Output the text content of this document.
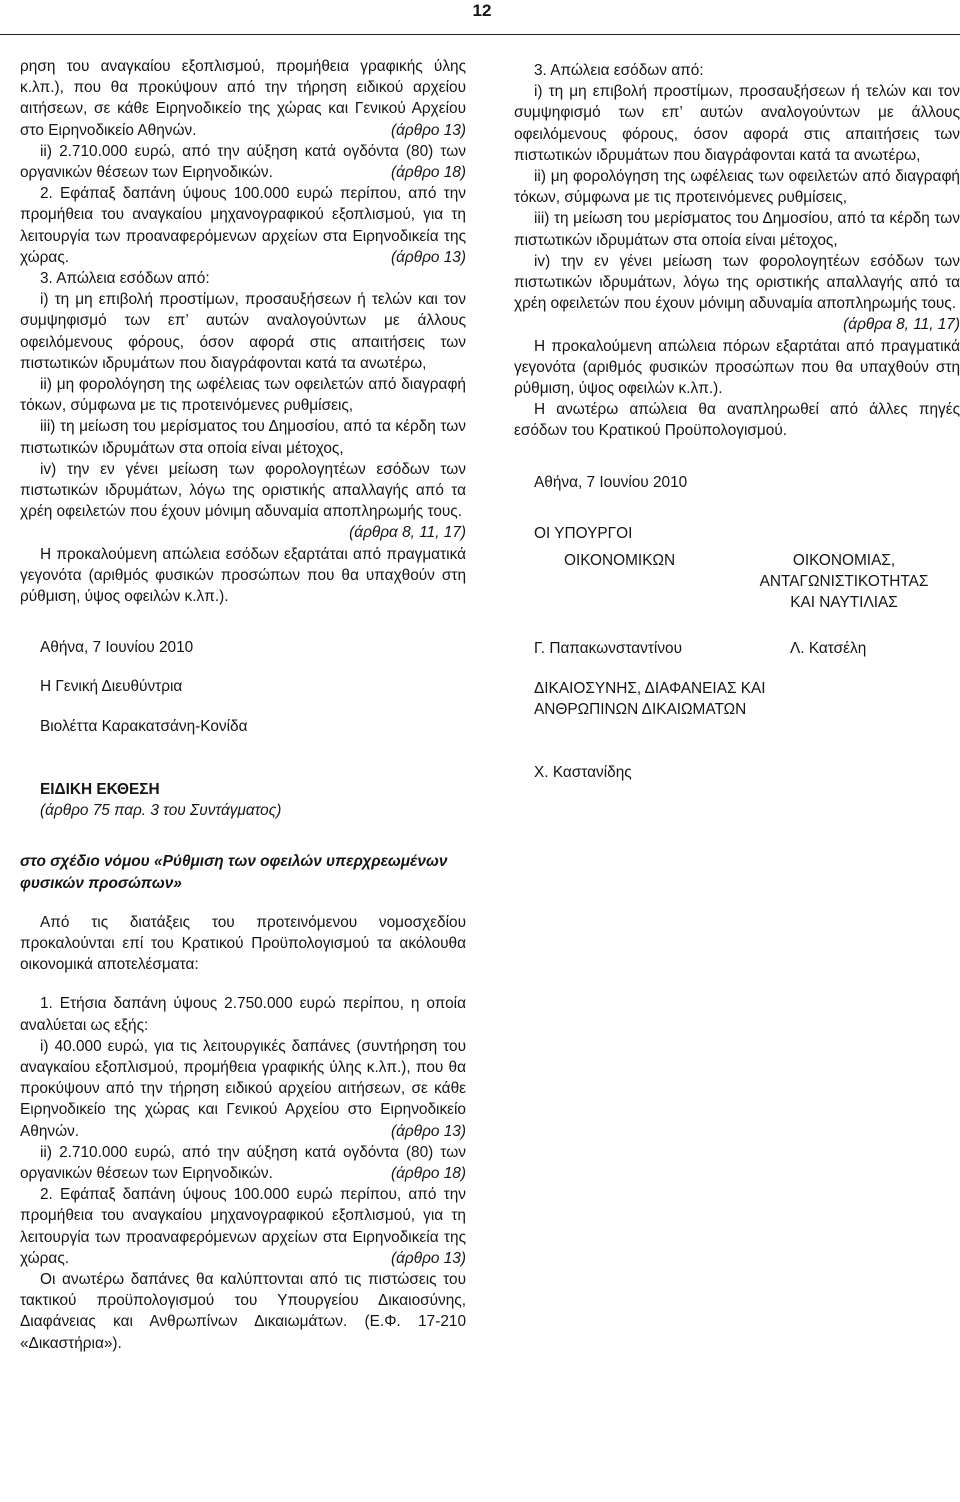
12

ρηση του αναγκαίου εξοπλισμού, προμήθεια γραφικής ύλης κ.λπ.), που θα προκύψουν από την τήρηση ειδικού αρχείου αιτήσεων, σε κάθε Ειρηνοδικείο της χώρας και Γενικού Αρχείου στο Ειρηνοδικείο Αθηνών.	(άρθρο 13)

ii) 2.710.000 ευρώ, από την αύξηση κατά ογδόντα (80) των οργανικών θέσεων των Ειρηνοδικών.	(άρθρο 18)

2. Εφάπαξ δαπάνη ύψους 100.000 ευρώ περίπου, από την προμήθεια του αναγκαίου μηχανογραφικού εξοπλισμού, για τη λειτουργία των προαναφερόμενων αρχείων στα Ειρηνοδικεία της χώρας.	(άρθρο 13)

3. Απώλεια εσόδων από:

i) τη μη επιβολή προστίμων, προσαυξήσεων ή τελών και τον συμψηφισμό των επ’ αυτών αναλογούντων με άλλους οφειλόμενους φόρους, όσον αφορά στις απαιτήσεις των πιστωτικών ιδρυμάτων που διαγράφονται κατά τα ανωτέρω,

ii) μη φορολόγηση της ωφέλειας των οφειλετών από διαγραφή τόκων, σύμφωνα με τις προτεινόμενες ρυθμίσεις,

iii) τη μείωση του μερίσματος του Δημοσίου, από τα κέρδη των πιστωτικών ιδρυμάτων στα οποία είναι μέτοχος,

iv) την εν γένει μείωση των φορολογητέων εσόδων των πιστωτικών ιδρυμάτων, λόγω της οριστικής απαλλαγής από τα χρέη οφειλετών που έχουν μόνιμη αδυναμία αποπληρωμής τους.
(άρθρα 8, 11, 17)

Η προκαλούμενη απώλεια εσόδων εξαρτάται από πραγματικά γεγονότα (αριθμός φυσικών προσώπων που θα υπαχθούν στη ρύθμιση, ύψος οφειλών κ.λπ.).

Αθήνα, 7 Ιουνίου 2010

Η Γενική Διευθύντρια

Βιολέττα Καρακατσάνη-Κονίδα

ΕΙΔΙΚΗ ΕΚΘΕΣΗ

(άρθρο 75 παρ. 3 του Συντάγματος)

στο σχέδιο νόμου «Ρύθμιση των οφειλών υπερχρεωμένων φυσικών προσώπων»

Από τις διατάξεις του προτεινόμενου νομοσχεδίου προκαλούνται επί του Κρατικού Προϋπολογισμού τα ακόλουθα οικονομικά αποτελέσματα:

1. Ετήσια δαπάνη ύψους 2.750.000 ευρώ περίπου, η οποία αναλύεται ως εξής:

i) 40.000 ευρώ, για τις λειτουργικές δαπάνες (συντήρηση του αναγκαίου εξοπλισμού, προμήθεια γραφικής ύλης κ.λπ.), που θα προκύψουν από την τήρηση ειδικού αρχείου αιτήσεων, σε κάθε Ειρηνοδικείο της χώρας και Γενικού Αρχείου στο Ειρηνοδικείο Αθηνών.	(άρθρο 13)

ii) 2.710.000 ευρώ, από την αύξηση κατά ογδόντα (80) των οργανικών θέσεων των Ειρηνοδικών.	(άρθρο 18)

2. Εφάπαξ δαπάνη ύψους 100.000 ευρώ περίπου, από την προμήθεια του αναγκαίου μηχανογραφικού εξοπλισμού, για τη λειτουργία των προαναφερόμενων αρχείων στα Ειρηνοδικεία της χώρας.	(άρθρο 13)

Οι ανωτέρω δαπάνες θα καλύπτονται από τις πιστώσεις του τακτικού προϋπολογισμού του Υπουργείου Δικαιοσύνης, Διαφάνειας και Ανθρωπίνων Δικαιωμάτων. (Ε.Φ. 17-210 «Δικαστήρια»).

3. Απώλεια εσόδων από:

i) τη μη επιβολή προστίμων, προσαυξήσεων ή τελών και τον συμψηφισμό των επ’ αυτών αναλογούντων με άλλους οφειλόμενους φόρους, όσον αφορά στις απαιτήσεις των πιστωτικών ιδρυμάτων που διαγράφονται κατά τα ανωτέρω,

ii) μη φορολόγηση της ωφέλειας των οφειλετών από διαγραφή τόκων, σύμφωνα με τις προτεινόμενες ρυθμίσεις,

iii) τη μείωση του μερίσματος του Δημοσίου, από τα κέρδη των πιστωτικών ιδρυμάτων στα οποία είναι μέτοχος,

iv) την εν γένει μείωση των φορολογητέων εσόδων των πιστωτικών ιδρυμάτων, λόγω της οριστικής απαλλαγής από τα χρέη οφειλετών που έχουν μόνιμη αδυναμία αποπληρωμής τους.
(άρθρα 8, 11, 17)

Η προκαλούμενη απώλεια πόρων εξαρτάται από πραγματικά γεγονότα (αριθμός φυσικών προσώπων που θα υπαχθούν στη ρύθμιση, ύψος οφειλών κ.λπ.).

Η ανωτέρω απώλεια θα αναπληρωθεί από άλλες πηγές εσόδων του Κρατικού Προϋπολογισμού.

Αθήνα, 7 Ιουνίου 2010

ΟΙ ΥΠΟΥΡΓΟΙ

ΟΙΚΟΝΟΜΙΚΩΝ	ΟΙΚΟΝΟΜΙΑΣ,
ΑΝΤΑΓΩΝΙΣΤΙΚΟΤΗΤΑΣ
ΚΑΙ ΝΑΥΤΙΛΙΑΣ
Γ. Παπακωνσταντίνου	Λ. Κατσέλη

ΔΙΚΑΙΟΣΥΝΗΣ, ΔΙΑΦΑΝΕΙΑΣ ΚΑΙ

ΑΝΘΡΩΠΙΝΩΝ ΔΙΚΑΙΩΜΑΤΩΝ

Χ. Καστανίδης
